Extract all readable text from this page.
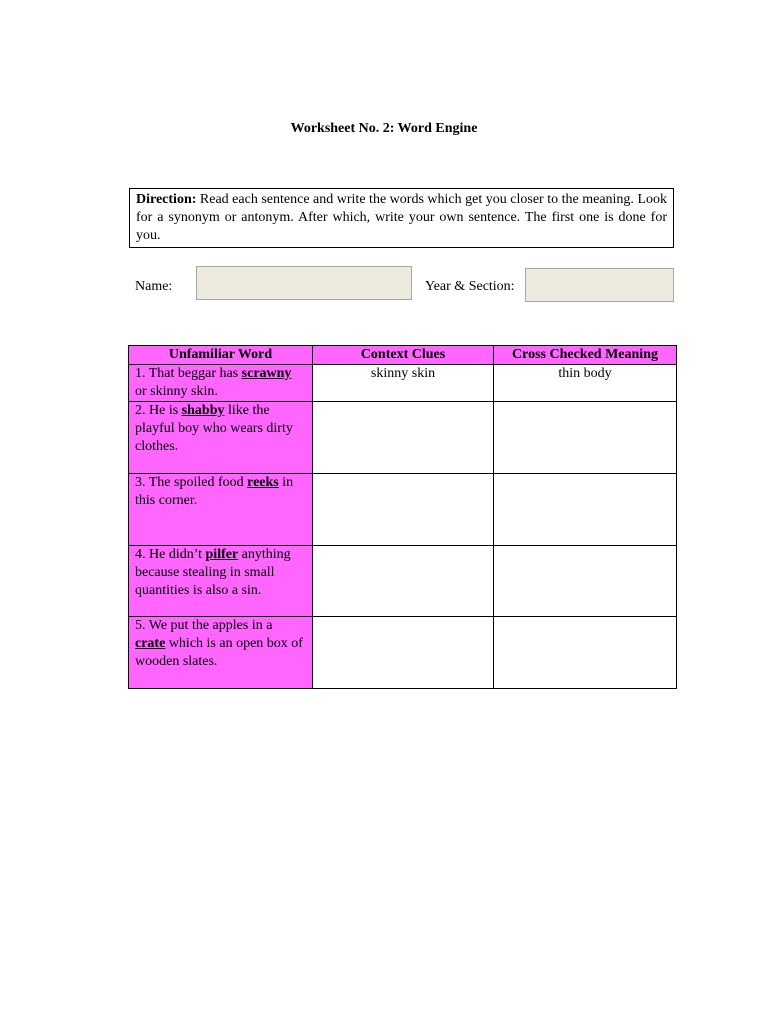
Worksheet No. 2: Word Engine
Direction: Read each sentence and write the words which get you closer to the meaning. Look for a synonym or antonym. After which, write your own sentence. The first one is done for you.
Name:	Year & Section:
Unfamiliar Word	Context Clues	Cross Checked Meaning
1. That beggar has scrawny or skinny skin.	skinny skin	thin body
2. He is shabby like the playful boy who wears dirty clothes.		
3. The spoiled food reeks in this corner.		
4. He didn’t pilfer anything because stealing in small quantities is also a sin.		
5. We put the apples in a crate which is an open box of wooden slates.		
